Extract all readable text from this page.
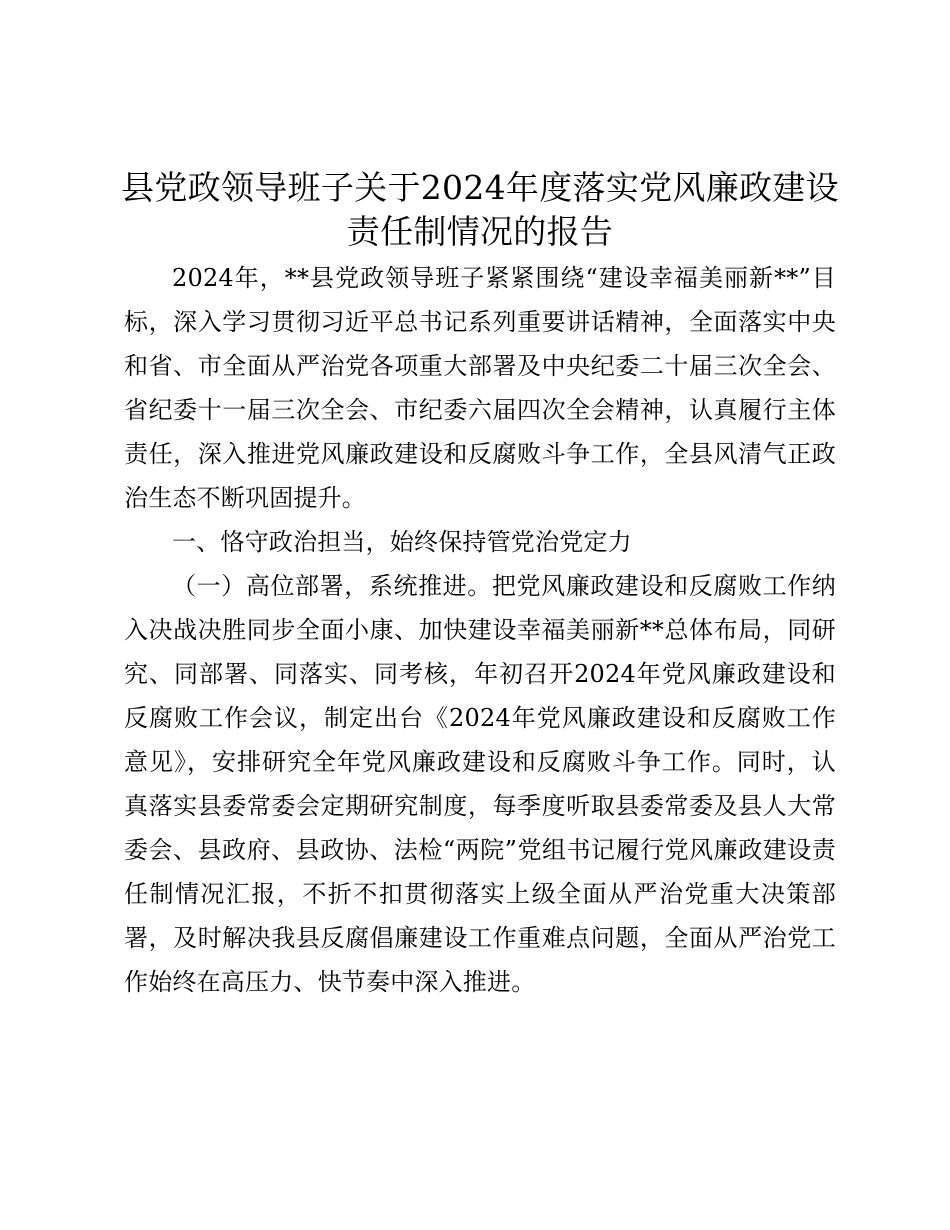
县党政领导班子关于2024年度落实党风廉政建设责任制情况的报告

2024年，**县党政领导班子紧紧围绕“建设幸福美丽新**”目标，深入学习贯彻习近平总书记系列重要讲话精神，全面落实中央和省、市全面从严治党各项重大部署及中央纪委二十届三次全会、省纪委十一届三次全会、市纪委六届四次全会精神，认真履行主体责任，深入推进党风廉政建设和反腐败斗争工作，全县风清气正政治生态不断巩固提升。

一、恪守政治担当，始终保持管党治党定力

（一）高位部署，系统推进。把党风廉政建设和反腐败工作纳入决战决胜同步全面小康、加快建设幸福美丽新**总体布局，同研究、同部署、同落实、同考核，年初召开2024年党风廉政建设和反腐败工作会议，制定出台《2024年党风廉政建设和反腐败工作意见》，安排研究全年党风廉政建设和反腐败斗争工作。同时，认真落实县委常委会定期研究制度，每季度听取县委常委及县人大常委会、县政府、县政协、法检“两院”党组书记履行党风廉政建设责任制情况汇报，不折不扣贯彻落实上级全面从严治党重大决策部署，及时解决我县反腐倡廉建设工作重难点问题，全面从严治党工作始终在高压力、快节奏中深入推进。
